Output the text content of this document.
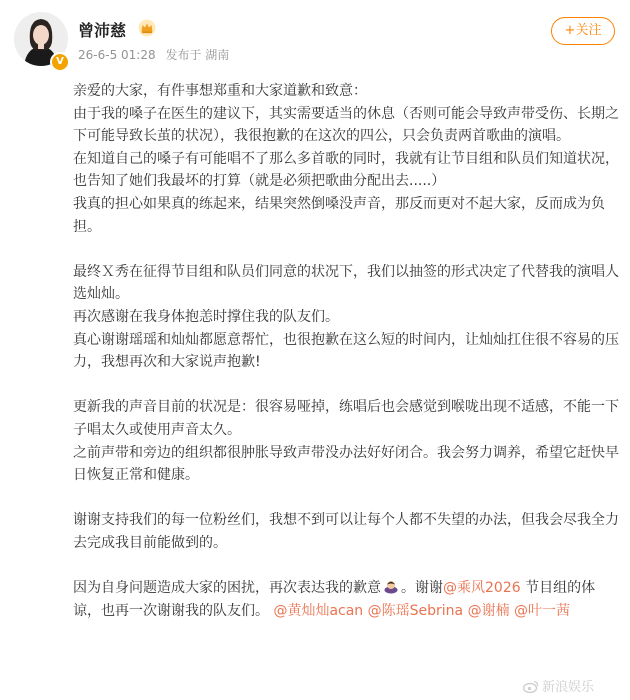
V
曾沛慈
26-6-5 01:28 发布于 湖南
+关注

亲爱的大家，有件事想郑重和大家道歉和致意：

由于我的嗓子在医生的建议下，其实需要适当的休息（否则可能会导致声带受伤、长期之下可能导致长茧的状况），我很抱歉的在这次的四公，只会负责两首歌曲的演唱。

在知道自己的嗓子有可能唱不了那么多首歌的同时，我就有让节目组和队员们知道状况，也告知了她们我最坏的打算（就是必须把歌曲分配出去.....）

我真的担心如果真的练起来，结果突然倒嗓没声音，那反而更对不起大家，反而成为负担。

最终Ｘ秀在征得节目组和队员们同意的状况下，我们以抽签的形式决定了代替我的演唱人选灿灿。

再次感谢在我身体抱恙时撑住我的队友们。

真心谢谢瑶瑶和灿灿都愿意帮忙，也很抱歉在这么短的时间内，让灿灿扛住很不容易的压力，我想再次和大家说声抱歉!

更新我的声音目前的状况是：很容易哑掉，练唱后也会感觉到喉咙出现不适感，不能一下子唱太久或使用声音太久。

之前声带和旁边的组织都很肿胀导致声带没办法好好闭合。我会努力调养，希望它赶快早日恢复正常和健康。

谢谢支持我们的每一位粉丝们，我想不到可以让每个人都不失望的办法，但我会尽我全力去完成我目前能做到的。

因为自身问题造成大家的困扰，再次表达我的歉意 。谢谢@乘风2026 节目组的体谅，也再一次谢谢我的队友们。 @黄灿灿acan @陈瑶Sebrina @谢楠 @叶一茜

新浪娱乐
